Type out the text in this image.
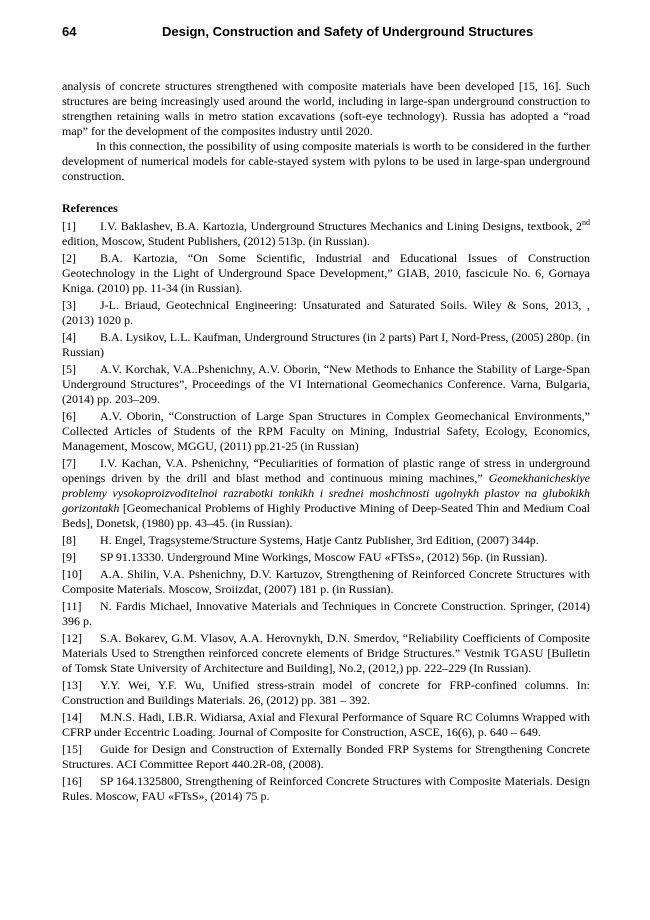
64	Design, Construction and Safety of Underground Structures

analysis of concrete structures strengthened with composite materials have been developed [15, 16]. Such structures are being increasingly used around the world, including in large-span underground construction to strengthen retaining walls in metro station excavations (soft-eye technology). Russia has adopted a “road map” for the development of the composites industry until 2020.

In this connection, the possibility of using composite materials is worth to be considered in the further development of numerical models for cable-stayed system with pylons to be used in large-span underground construction.

References

[1] I.V. Baklashev, B.A. Kartozia, Underground Structures Mechanics and Lining Designs, textbook, 2nd edition, Moscow, Student Publishers, (2012) 513p. (in Russian).

[2] B.A. Kartozia, “On Some Scientific, Industrial and Educational Issues of Construction Geotechnology in the Light of Underground Space Development,” GIAB, 2010, fascicule No. 6, Gornaya Kniga. (2010) pp. 11-34 (in Russian).

[3] J-L. Briaud, Geotechnical Engineering: Unsaturated and Saturated Soils. Wiley & Sons, 2013, , (2013) 1020 p.

[4] B.A. Lysikov, L.L. Kaufman, Underground Structures (in 2 parts) Part I, Nord-Press, (2005) 280p. (in Russian)

[5] A.V. Korchak, V.A..Pshenichny, A.V. Oborin, “New Methods to Enhance the Stability of Large-Span Underground Structures”, Proceedings of the VI International Geomechanics Conference. Varna, Bulgaria, (2014) pp. 203–209.

[6] A.V. Oborin, “Construction of Large Span Structures in Complex Geomechanical Environments,” Collected Articles of Students of the RPM Faculty on Mining, Industrial Safety, Ecology, Economics, Management, Moscow, MGGU, (2011) pp.21-25 (in Russian)

[7] I.V. Kachan, V.A. Pshenichny, “Peculiarities of formation of plastic range of stress in underground openings driven by the drill and blast method and continuous mining machines,” Geomekhanicheskiye problemy vysokoproizvoditelnoi razrabotki tonkikh i srednei moshchnosti ugolnykh plastov na glubokikh gorizontakh [Geomechanical Problems of Highly Productive Mining of Deep-Seated Thin and Medium Coal Beds], Donetsk, (1980) pp. 43–45. (in Russian).

[8] H. Engel, Tragsysteme/Structure Systems, Hatje Cantz Publisher, 3rd Edition, (2007) 344p.

[9] SP 91.13330. Underground Mine Workings, Moscow FAU «FTsS», (2012) 56p. (in Russian).

[10] A.A. Shilin, V.A. Pshenichny, D.V. Kartuzov, Strengthening of Reinforced Concrete Structures with Composite Materials. Moscow, Sroiizdat, (2007) 181 p. (in Russian).

[11] N. Fardis Michael, Innovative Materials and Techniques in Concrete Construction. Springer, (2014) 396 p.

[12] S.A. Bokarev, G.M. Vlasov, A.A. Herovnykh, D.N. Smerdov, “Reliability Coefficients of Composite Materials Used to Strengthen reinforced concrete elements of Bridge Structures.” Vestnik TGASU [Bulletin of Tomsk State University of Architecture and Building], No.2, (2012,) pp. 222–229 (In Russian).

[13] Y.Y. Wei, Y.F. Wu, Unified stress-strain model of concrete for FRP-confined columns. In: Construction and Buildings Materials. 26, (2012) pp. 381 – 392.

[14] M.N.S. Hadi, I.B.R. Widiarsa, Axial and Flexural Performance of Square RC Columns Wrapped with CFRP under Eccentric Loading. Journal of Composite for Construction, ASCE, 16(6), p. 640 – 649.

[15] Guide for Design and Construction of Externally Bonded FRP Systems for Strengthening Concrete Structures. ACI Committee Report 440.2R-08, (2008).

[16] SP 164.1325800, Strengthening of Reinforced Concrete Structures with Composite Materials. Design Rules. Moscow, FAU «FTsS», (2014) 75 p.
